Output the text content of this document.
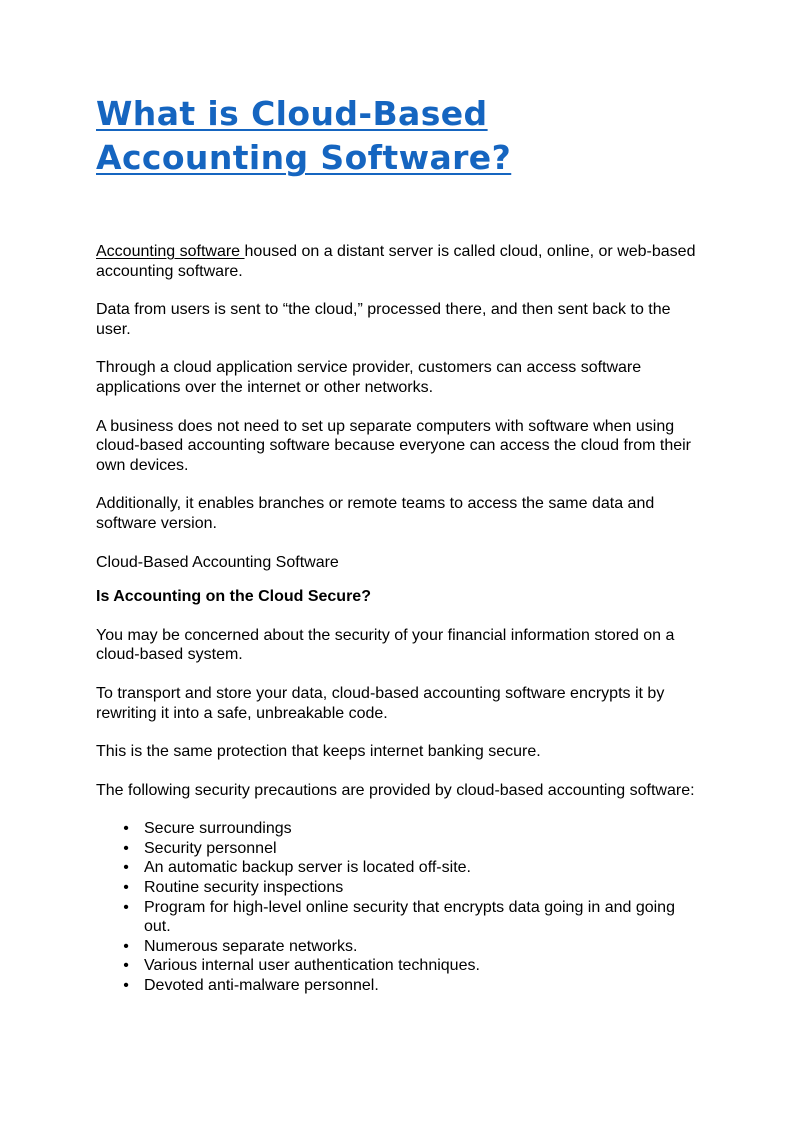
What is Cloud-Based Accounting Software?

Accounting software housed on a distant server is called cloud, online, or web-based accounting software.

Data from users is sent to “the cloud,” processed there, and then sent back to the user.

Through a cloud application service provider, customers can access software applications over the internet or other networks.

A business does not need to set up separate computers with software when using cloud-based accounting software because everyone can access the cloud from their own devices.

Additionally, it enables branches or remote teams to access the same data and software version.

Cloud-Based Accounting Software

Is Accounting on the Cloud Secure?

You may be concerned about the security of your financial information stored on a cloud-based system.

To transport and store your data, cloud-based accounting software encrypts it by rewriting it into a safe, unbreakable code.

This is the same protection that keeps internet banking secure.

The following security precautions are provided by cloud-based accounting software:

• Secure surroundings
• Security personnel
• An automatic backup server is located off-site.
• Routine security inspections
• Program for high-level online security that encrypts data going in and going out.
• Numerous separate networks.
• Various internal user authentication techniques.
• Devoted anti-malware personnel.
